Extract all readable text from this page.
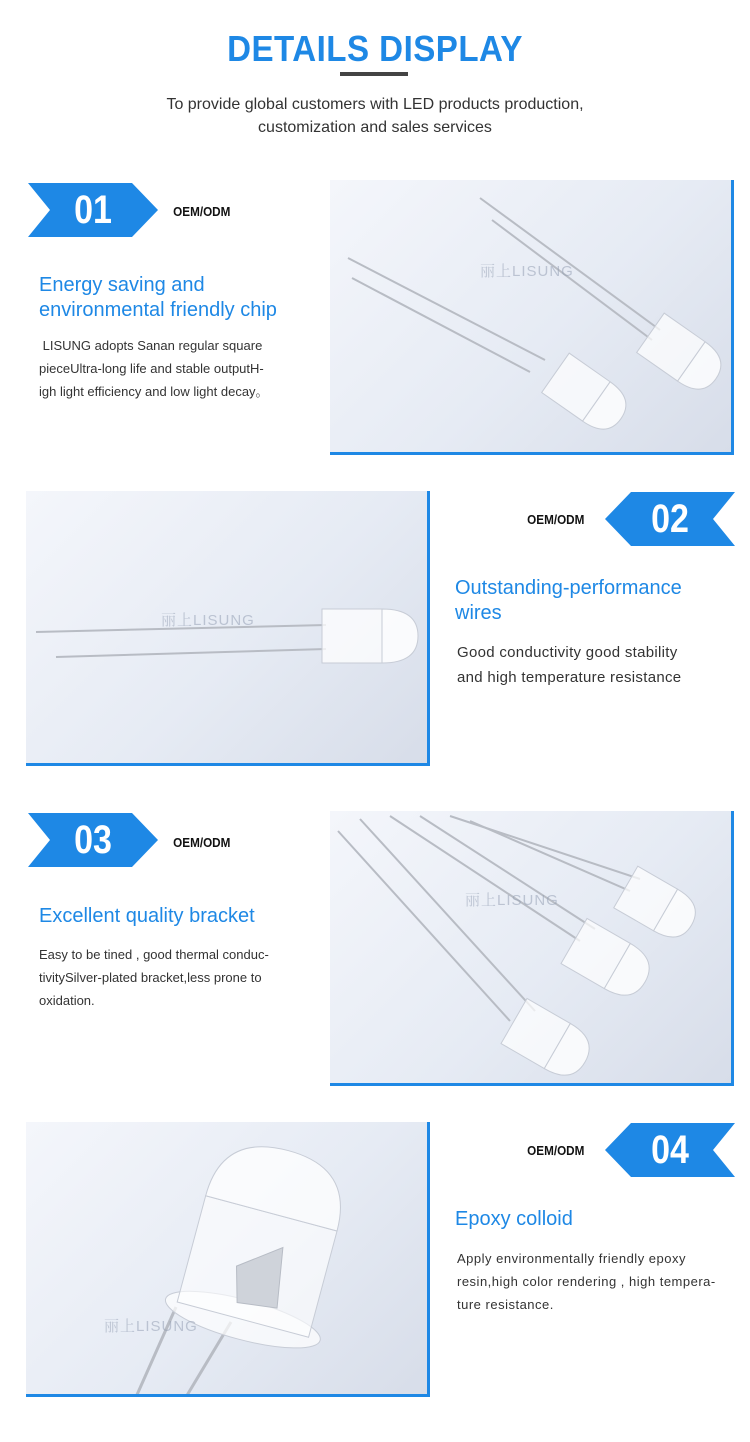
DETAILS DISPLAY
To provide global customers with LED products production,
customization and sales services
01	OEM/ODM
Energy saving and
environmental friendly chip
LISUNG adopts Sanan regular square
pieceUltra-long life and stable outputH-
igh light efficiency and low light decay。
丽上LISUNG
丽上LISUNG
OEM/ODM	02
Outstanding-performance
wires
Good conductivity good stability
and high temperature resistance
03	OEM/ODM
Excellent quality bracket
Easy to be tined , good thermal conduc-
tivitySilver-plated bracket,less prone to
oxidation.
丽上LISUNG
丽上LISUNG
OEM/ODM	04
Epoxy colloid
Apply environmentally friendly epoxy
resin,high color rendering , high tempera-
ture resistance.
